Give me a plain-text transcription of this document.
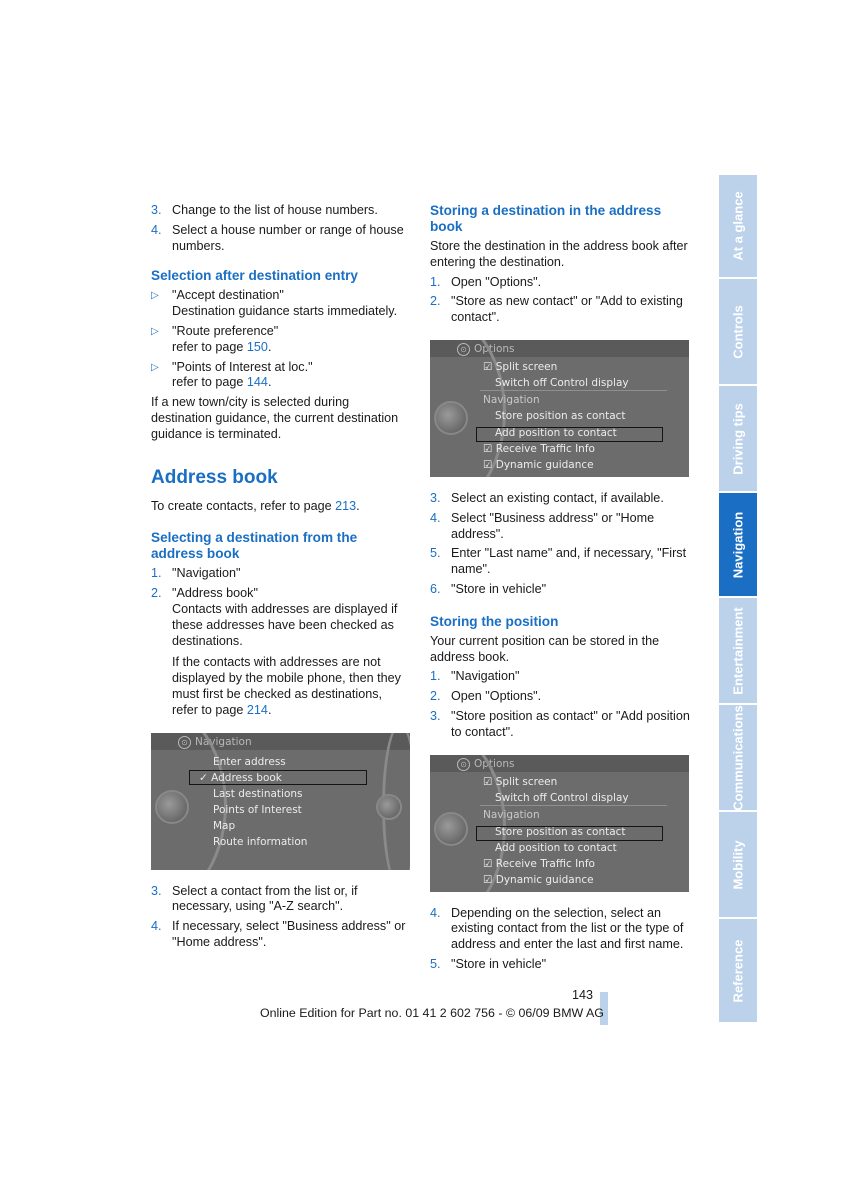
3. Change to the list of house numbers.
4. Select a house number or range of house numbers.
Selection after destination entry
▷	"Accept destination"
Destination guidance starts immediately.
▷	"Route preference"
refer to page 150.
▷	"Points of Interest at loc."
refer to page 144.
If a new town/city is selected during destination guidance, the current destination guidance is terminated.
Address book
To create contacts, refer to page 213.
Selecting a destination from the address book
1. "Navigation"
2. "Address book"
Contacts with addresses are displayed if these addresses have been checked as destinations.
If the contacts with addresses are not displayed by the mobile phone, then they must first be checked as destinations, refer to page 214.
⊙ Navigation
Enter address
✓ Address book
Last destinations
Points of Interest
Map
Route information
3. Select a contact from the list or, if necessary, using "A-Z search".
4. If necessary, select "Business address" or "Home address".
Storing a destination in the address book
Store the destination in the address book after entering the destination.
1. Open "Options".
2. "Store as new contact" or "Add to existing contact".
⊙ Options
☑ Split screen
Switch off Control display
Navigation
Store position as contact
Add position to contact
☑ Receive Traffic Info
☑ Dynamic guidance
3. Select an existing contact, if available.
4. Select "Business address" or "Home address".
5. Enter "Last name" and, if necessary, "First name".
6. "Store in vehicle"
Storing the position
Your current position can be stored in the address book.
1. "Navigation"
2. Open "Options".
3. "Store position as contact" or "Add position to contact".
⊙ Options
☑ Split screen
Switch off Control display
Navigation
Store position as contact
Add position to contact
☑ Receive Traffic Info
☑ Dynamic guidance
4. Depending on the selection, select an existing contact from the list or the type of address and enter the last and first name.
5. "Store in vehicle"
At a glance
Controls
Driving tips
Navigation
Entertainment
Communications
Mobility
Reference
143
Online Edition for Part no. 01 41 2 602 756 - © 06/09 BMW AG
